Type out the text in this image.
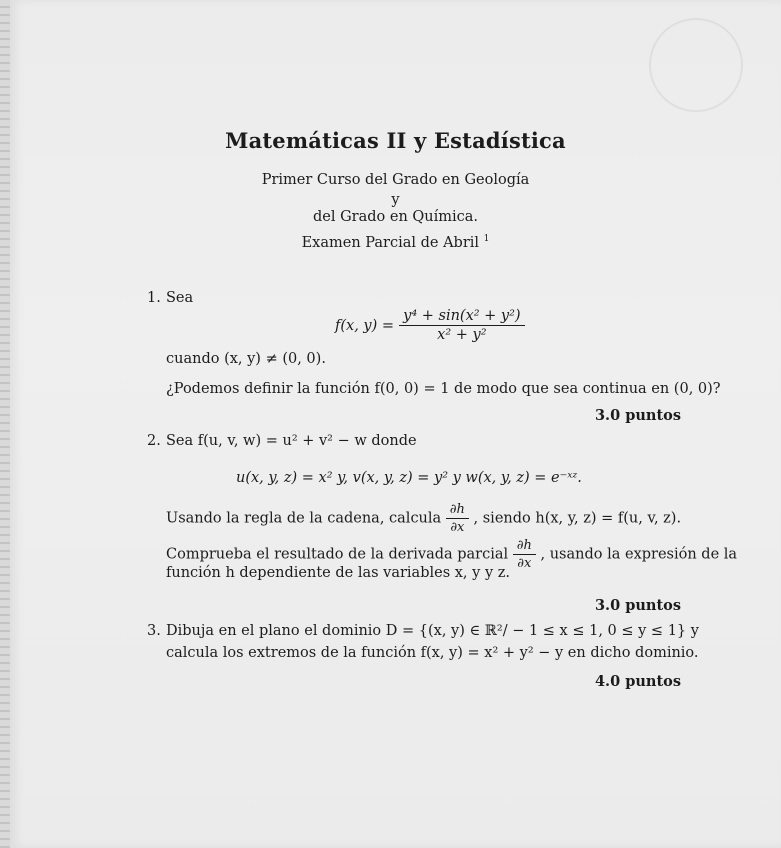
Matemáticas II y Estadística
Primer Curso del Grado en Geología
y
del Grado en Química.
Examen Parcial de Abril $^1$
1. Sea
f(x, $y) = \frac{\text{y⁴ + sin(x² + y²)}}{\text{x² + y²}}$
cuando (x, y) ≠ (0, 0).
¿Podemos definir la función f(0, 0) = 1 de modo que sea continua en (0, 0)?
3.0 puntos
2. Sea f(u, v, w) = u² + v² − w donde
u(x, y, z) = x² y, v(x, y, z) = y² y w(x, y, z) = e⁻ˣᶻ.
Usando la regla de la cadena, calcula $\frac{\partial h}{\partial x}$ , siendo h(x, y, z) = f(u, v, z).
Comprueba el resultado de la derivada parcial $\frac{\partial h}{\partial x}$ , usando la expresión de la
función h dependiente de las variables x, y y z.
3.0 puntos
3. Dibuja en el plano el dominio D = {(x, y) ∈ ℝ²/ − 1 ≤ x ≤ 1, 0 ≤ y ≤ 1} y
calcula los extremos de la función f(x, y) = x² + y² − y en dicho dominio.
4.0 puntos
